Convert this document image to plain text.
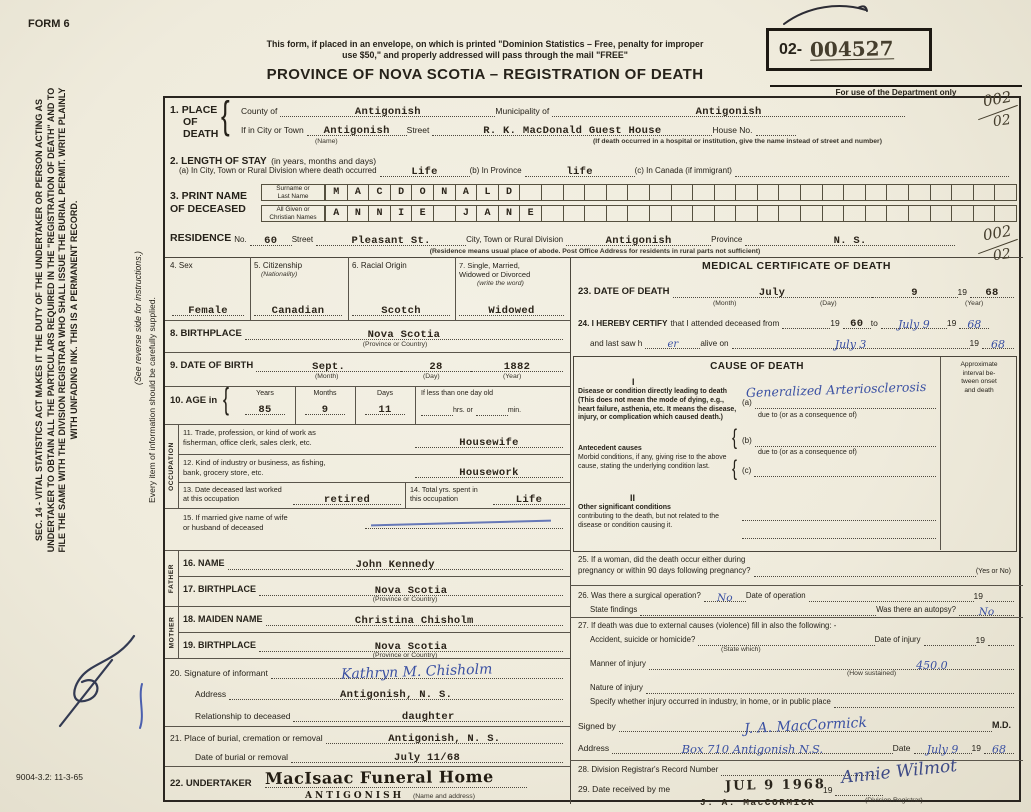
FORM 6
This form, if placed in an envelope, on which is printed "Dominion Statistics – Free, penalty for improper
use $50," and properly addressed will pass through the mail "FREE"
PROVINCE OF NOVA SCOTIA – REGISTRATION OF DEATH
02- 004527
For use of the Department only
SEC. 14 - VITAL STATISTICS ACT MAKES IT THE DUTY OF THE UNDERTAKER OR PERSON ACTING AS UNDERTAKER TO OBTAIN ALL THE PARTICULARS REQUIRED IN THE "REGISTRATION OF DEATH" AND TO FILE THE SAME WITH THE DIVISION REGISTRAR WHO SHALL ISSUE THE BURIAL PERMIT. WRITE PLAINLY WITH UNFADING INK. THIS IS A PERMANENT RECORD.	(See reverse side for instructions.) Every item of information should be carefully supplied.
9004-3.2: 11-3-65
1. PLACE
OF
DEATH { County of	Antigonish	Municipality of	Antigonish
If in City or Town Antigonish Street	R. K. MacDonald Guest House	House No.
(Name)	(If death occurred in a hospital or institution, give the name instead of street and number)
2. LENGTH OF STAY (in years, months and days)
(a) In City, Town or Rural Division where death occurred	Life	(b) In Province	life	(c) In Canada (if immigrant)
3. PRINT NAME
OF DECEASED
Surname or
Last Name	M	A	C	D	O	N	A	L	D
All Given or
Christian Names	A	N	N	I	E	J	A	N	E
RESIDENCE No. 60 Street	Pleasant St.	City, Town or Rural Division	Antigonish	Province	N. S.
(Residence means usual place of abode. Post Office Address for residents in rural parts not sufficient)
4. Sex
Female
5. Citizenship
(Nationality)
Canadian
6. Racial Origin
Scotch
7. Single, Married,
Widowed or Divorced
(write the word)
Widowed
8. BIRTHPLACE	Nova Scotia
(Province or Country)
9. DATE OF BIRTH	Sept.	28	1882
(Month)	(Day)	(Year)
10. AGE in {	Years	Months	Days
85	9	11
If less than one day old
hrs. or	min.
OCCUPATION
11. Trade, profession, or kind of work as
fisherman, office clerk, sales clerk, etc.	Housewife
12. Kind of industry or business, as fishing,
bank, grocery store, etc.	Housework
13. Date deceased last worked
at this occupation	retired
14. Total yrs. spent in
this occupation	Life
15. If married give name of wife
or husband of deceased
FATHER
16. NAME	John Kennedy
17. BIRTHPLACE	Nova Scotia
(Province or Country)
MOTHER 18. MAIDEN NAME	Christina Chisholm
19. BIRTHPLACE	Nova Scotia
(Province or Country)
20. Signature of informant	Kathryn M. Chisholm
Address	Antigonish, N. S.
Relationship to deceased	daughter
21. Place of burial, cremation or removal	Antigonish, N. S.
Date of burial or removal	July 11/68
22. UNDERTAKER MacIsaac Funeral Home
ANTIGONISH (Name and address)
MEDICAL CERTIFICATE OF DEATH
23. DATE OF DEATH	July	9	19 68
(Month)	(Day)	(Year)
24. I HEREBY CERTIFY that I attended deceased from	19 60 to July 9 19 68
and last saw h	er	alive on	July 3	19 68
CAUSE OF DEATH	Approximate
interval be-
tween onset
and death
I
Disease or condition directly leading to death (This does not mean the mode of dying, e.g., heart failure, asthenia, etc. It means the disease, injury, or complication which caused death.)
(a)
Generalized Arteriosclerosis
due to (or as a consequence of)
Antecedent causes
Morbid conditions, if any, giving rise to the above cause, stating the underlying condition last.
{ (b)
due to (or as a consequence of)
{ (c)
II
Other significant conditions
contributing to the death, but not related to the disease or condition causing it.
25. If a woman, did the death occur either during
pregnancy or within 90 days following pregnancy?	(Yes or No)
26. Was there a surgical operation? No Date of operation	19
State findings	Was there an autopsy? No
27. If death was due to external causes (violence) fill in also the following: -
Accident, suicide or homicide?	Date of injury	19
(State which)
Manner of injury	450.0
(How sustained)
Nature of injury
Specify whether injury occurred in industry, in home, or in public place
Signed by	J. A. MacCormick	M.D.
Address	Box 710 Antigonish N.S.	Date July 9 19 68
28. Division Registrar's Record Number
29. Date received by me	JUL 9 1968
19
Annie Wilmot
(Division Registrar)
002
02
002
02
J. A. MacCORMICK
